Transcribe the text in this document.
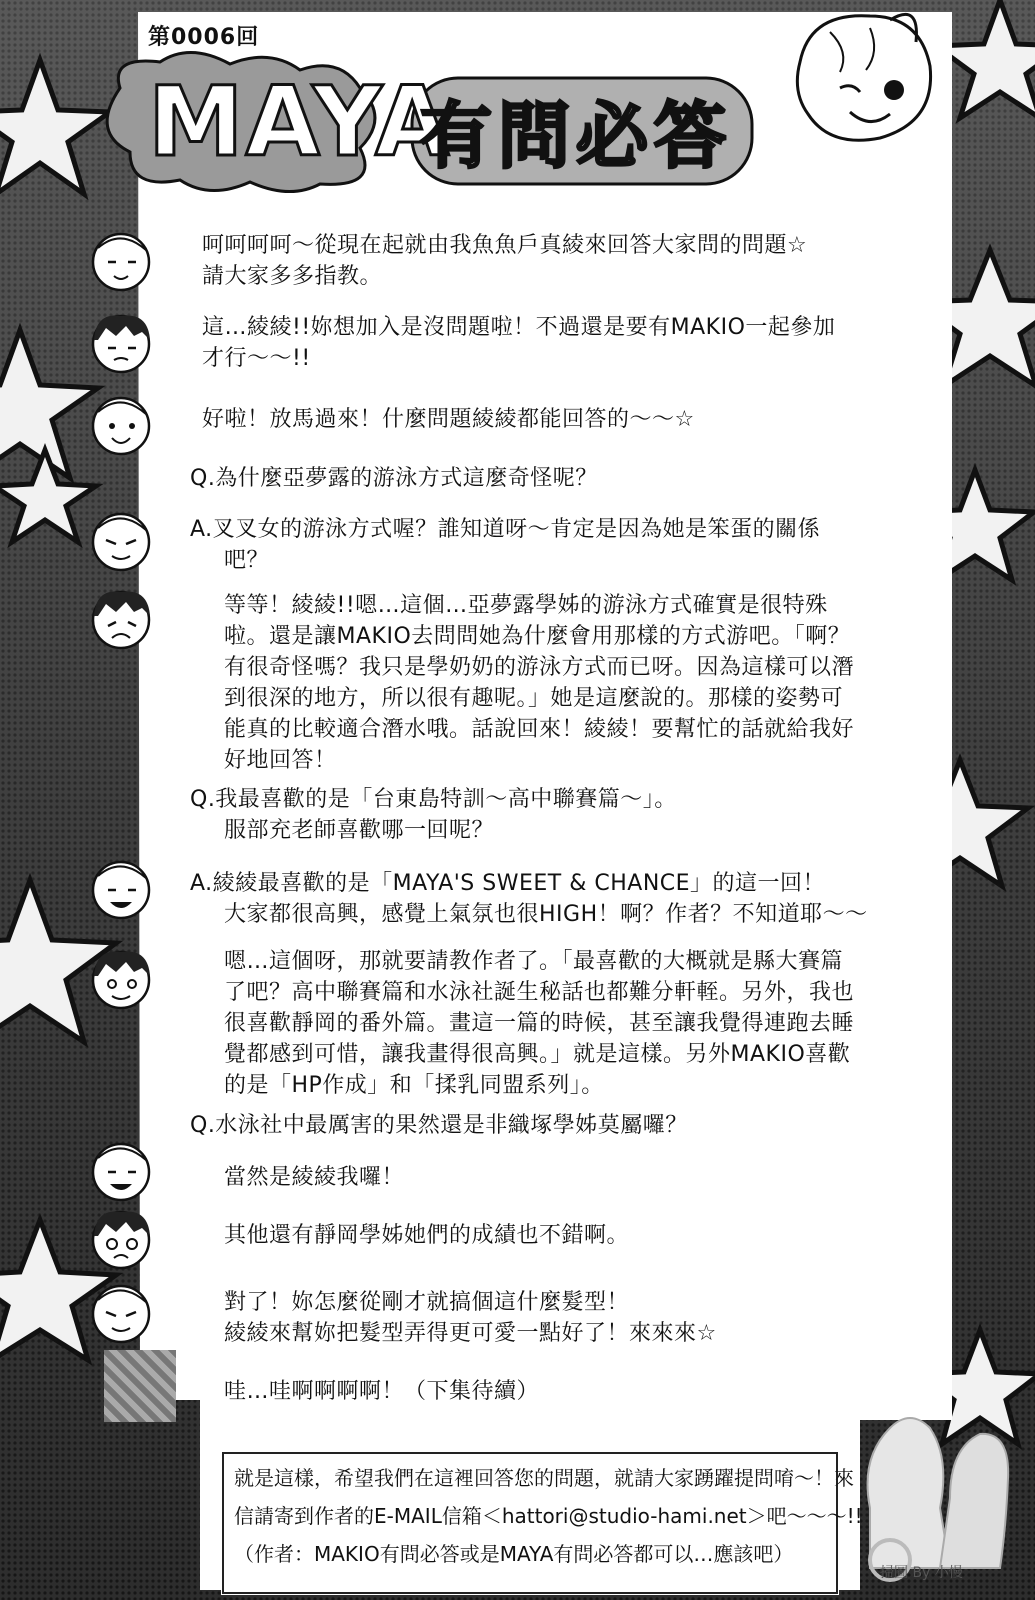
第0006回
MAYA
有問必答
呵呵呵呵～從現在起就由我魚魚戶真綾來回答大家問的問題☆
請大家多多指教。
這…綾綾!!妳想加入是沒問題啦！不過還是要有MAKIO一起參加
才行～～!!
好啦！放馬過來！什麼問題綾綾都能回答的～～☆
Q.為什麼亞夢露的游泳方式這麼奇怪呢？
A.叉叉女的游泳方式喔？誰知道呀～肯定是因為她是笨蛋的關係
吧？
等等！綾綾!!嗯…這個…亞夢露學姊的游泳方式確實是很特殊
啦。還是讓MAKIO去問問她為什麼會用那樣的方式游吧。「啊？
有很奇怪嗎？我只是學奶奶的游泳方式而已呀。因為這樣可以潛
到很深的地方，所以很有趣呢。」她是這麼說的。那樣的姿勢可
能真的比較適合潛水哦。話說回來！綾綾！要幫忙的話就給我好
好地回答！
Q.我最喜歡的是「台東島特訓～高中聯賽篇～」。
服部充老師喜歡哪一回呢？
A.綾綾最喜歡的是「MAYA'S SWEET & CHANCE」的這一回！
大家都很高興，感覺上氣氛也很HIGH！啊？作者？不知道耶～～
嗯…這個呀，那就要請教作者了。「最喜歡的大概就是縣大賽篇
了吧？高中聯賽篇和水泳社誕生秘話也都難分軒輊。另外，我也
很喜歡靜岡的番外篇。畫這一篇的時候，甚至讓我覺得連跑去睡
覺都感到可惜，讓我畫得很高興。」就是這樣。另外MAKIO喜歡
的是「HP作成」和「揉乳同盟系列」。
Q.水泳社中最厲害的果然還是非織塚學姊莫屬囉？
當然是綾綾我囉！
其他還有靜岡學姊她們的成績也不錯啊。
對了！妳怎麼從剛才就搞個這什麼髮型！
綾綾來幫妳把髮型弄得更可愛一點好了！來來來☆
哇…哇啊啊啊啊！（下集待續）
就是這樣，希望我們在這裡回答您的問題，就請大家踴躍提問唷～！來
信請寄到作者的E-MAIL信箱＜hattori@studio-hami.net＞吧～～～!!
（作者：MAKIO有問必答或是MAYA有問必答都可以…應該吧）
掃圖 By 小慢
